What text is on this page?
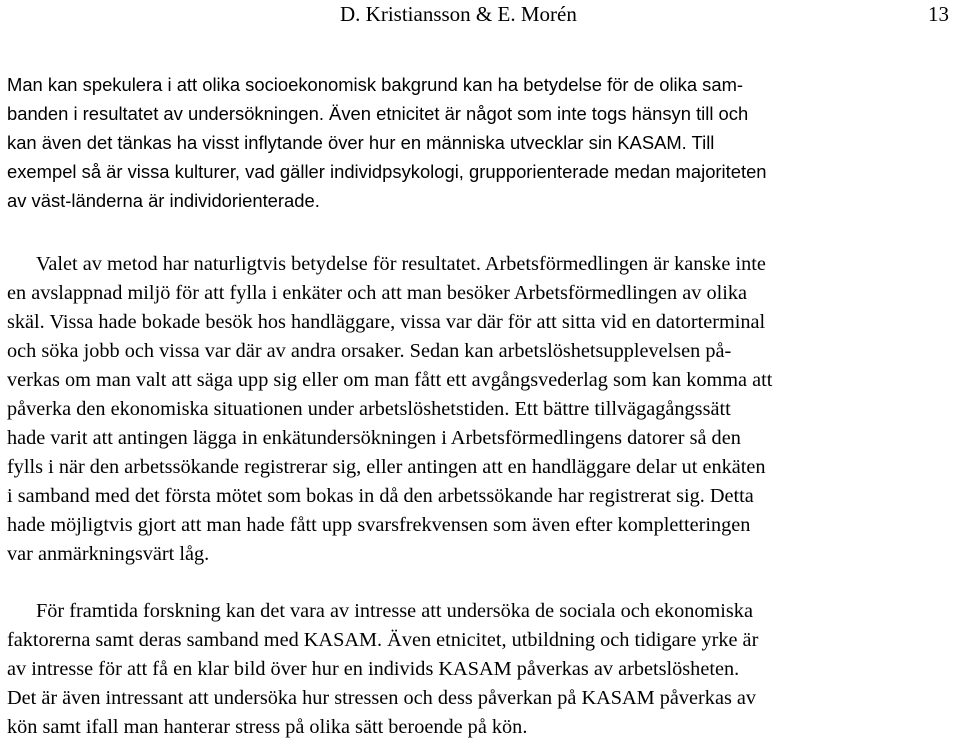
D. Kristiansson & E. Morén	13
Man kan spekulera i att olika socioekonomisk bakgrund kan ha betydelse för de olika sam-
banden i resultatet av undersökningen. Även etnicitet är något som inte togs hänsyn till och
kan även det tänkas ha visst inflytande över hur en människa utvecklar sin KASAM. Till
exempel så är vissa kulturer, vad gäller individpsykologi, grupporienterade medan majoriteten
av väst-länderna är individorienterade.
Valet av metod har naturligtvis betydelse för resultatet. Arbetsförmedlingen är kanske inte
en avslappnad miljö för att fylla i enkäter och att man besöker Arbetsförmedlingen av olika
skäl. Vissa hade bokade besök hos handläggare, vissa var där för att sitta vid en datorterminal
och söka jobb och vissa var där av andra orsaker. Sedan kan arbetslöshetsupplevelsen på-
verkas om man valt att säga upp sig eller om man fått ett avgångsvederlag som kan komma att
påverka den ekonomiska situationen under arbetslöshetstiden. Ett bättre tillvägagångssätt
hade varit att antingen lägga in enkätundersökningen i Arbetsförmedlingens datorer så den
fylls i när den arbetssökande registrerar sig, eller antingen att en handläggare delar ut enkäten
i samband med det första mötet som bokas in då den arbetssökande har registrerat sig. Detta
hade möjligtvis gjort att man hade fått upp svarsfrekvensen som även efter kompletteringen
var anmärkningsvärt låg.
För framtida forskning kan det vara av intresse att undersöka de sociala och ekonomiska
faktorerna samt deras samband med KASAM. Även etnicitet, utbildning och tidigare yrke är
av intresse för att få en klar bild över hur en individs KASAM påverkas av arbetslösheten.
Det är även intressant att undersöka hur stressen och dess påverkan på KASAM påverkas av
kön samt ifall man hanterar stress på olika sätt beroende på kön.
